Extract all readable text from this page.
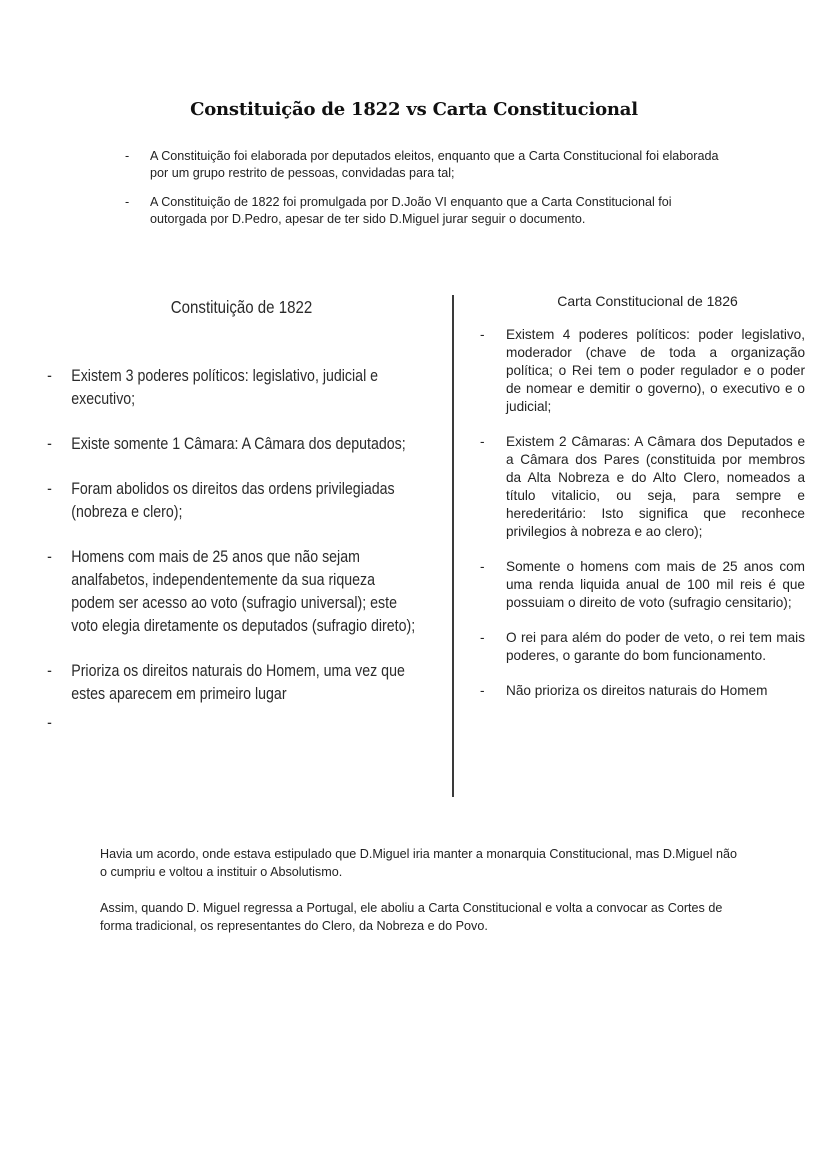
Constituição de 1822 vs Carta Constitucional
-	A Constituição foi elaborada por deputados eleitos, enquanto que a Carta Constitucional foi elaborada por um grupo restrito de pessoas, convidadas para tal;
-	A Constituição de 1822 foi promulgada por D.João VI enquanto que a Carta Constitucional foi outorgada por D.Pedro, apesar de ter sido D.Miguel jurar seguir o documento.
Constituição de 1822
-	Existem 3 poderes políticos: legislativo, judicial e executivo;
-	Existe somente 1 Câmara: A Câmara dos deputados;
-	Foram abolidos os direitos das ordens privilegiadas (nobreza e clero);
-	Homens com mais de 25 anos que não sejam analfabetos, independentemente da sua riqueza podem ser acesso ao voto (sufragio universal); este voto elegia diretamente os deputados (sufragio direto);
-	Prioriza os direitos naturais do Homem, uma vez que estes aparecem em primeiro lugar
-
Carta Constitucional de 1826
-	Existem 4 poderes políticos: poder legislativo, moderador (chave de toda a organização política; o Rei tem o poder regulador e o poder de nomear e demitir o governo), o executivo e o judicial;
-	Existem 2 Câmaras: A Câmara dos Deputados e a Câmara dos Pares (constituida por membros da Alta Nobreza e do Alto Clero, nomeados a título vitalicio, ou seja, para sempre e herederitário: Isto significa que reconhece privilegios à nobreza e ao clero);
-	Somente o homens com mais de 25 anos com uma renda liquida anual de 100 mil reis é que possuiam o direito de voto (sufragio censitario);
-	O rei para além do poder de veto, o rei tem mais poderes, o garante do bom funcionamento.
-	Não prioriza os direitos naturais do Homem

Havia um acordo, onde estava estipulado que D.Miguel iria manter a monarquia Constitucional, mas D.Miguel não o cumpriu e voltou a instituir o Absolutismo.

Assim, quando D. Miguel regressa a Portugal, ele aboliu a Carta Constitucional e volta a convocar as Cortes de forma tradicional, os representantes do Clero, da Nobreza e do Povo.
